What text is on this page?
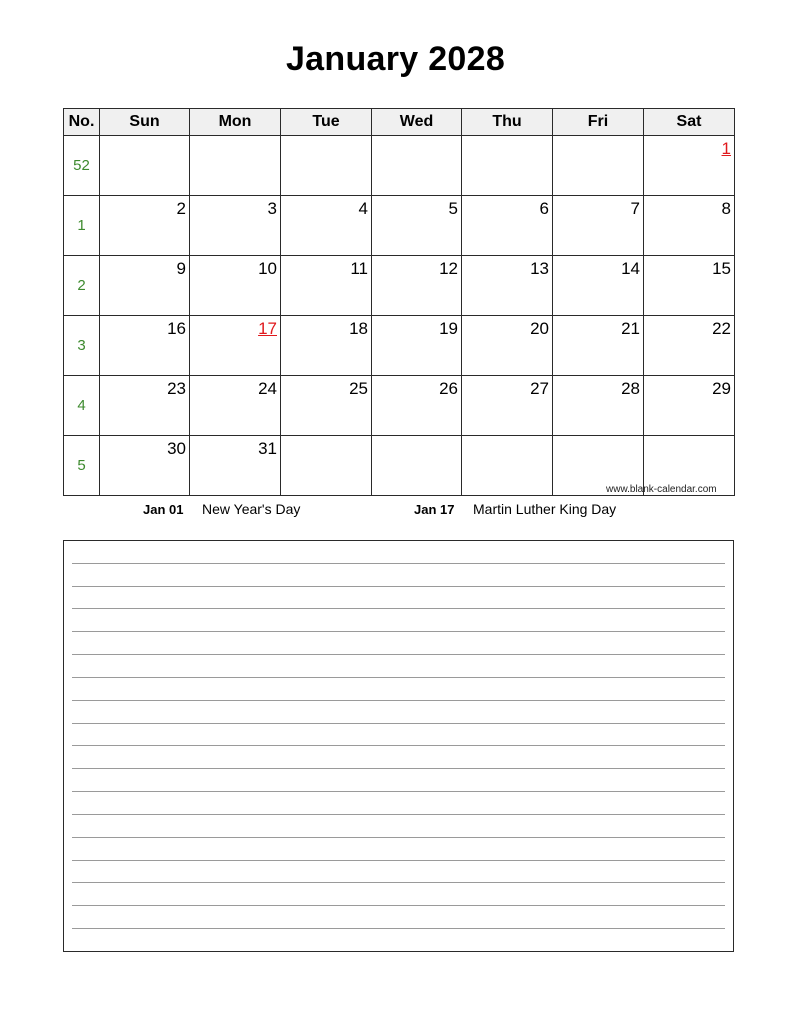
January 2028
No.	Sun	Mon	Tue	Wed	Thu	Fri	Sat
52							1
1	2	3	4	5	6	7	8
2	9	10	11	12	13	14	15
3	16	17	18	19	20	21	22
4	23	24	25	26	27	28	29
5	30	31					
www.blank-calendar.com
Jan 01 New Year's Day	Jan 17 Martin Luther King Day
